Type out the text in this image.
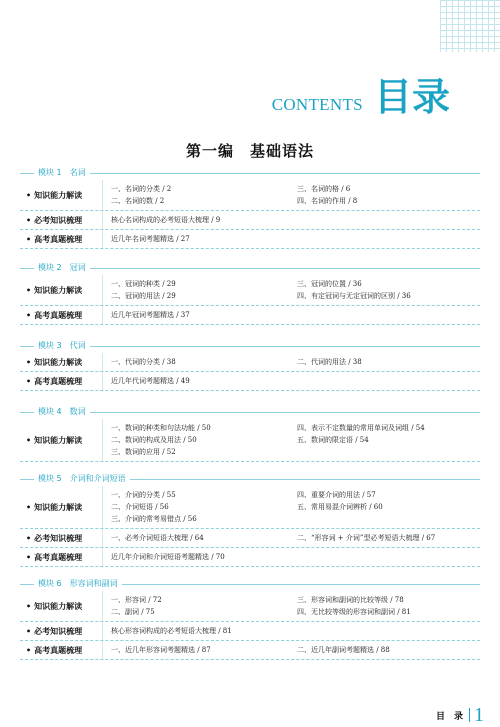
CONTENTS 目录
第一编　基础语法
模块 1　名词
• 知识能力解读
一、名词的分类 / 2	三、名词的格 / 6
二、名词的数 / 2	四、名词的作用 / 8
• 必考知识梳理	核心名词构成的必考短语大梳理 / 9
• 高考真题梳理	近几年名词考题精选 / 27
模块 2　冠词
• 知识能力解读
一、冠词的种类 / 29	三、冠词的位置 / 36
二、冠词的用法 / 29	四、有定冠词与无定冠词的区别 / 36
• 高考真题梳理	近几年冠词考题精选 / 37
模块 3　代词
• 知识能力解读	一、代词的分类 / 38	二、代词的用法 / 38
• 高考真题梳理	近几年代词考题精选 / 49
模块 4　数词
• 知识能力解读
一、数词的种类和句法功能 / 50	四、表示不定数量的常用单词及词组 / 54
二、数词的构成及用法 / 50	五、数词的限定语 / 54
三、数词的应用 / 52
模块 5　介词和介词短语
• 知识能力解读
一、介词的分类 / 55	四、重要介词的用法 / 57
二、介词短语 / 56	五、常用易混介词辨析 / 60
三、介词的常考易错点 / 56
• 必考知识梳理	一、必考介词短语大梳理 / 64	二、“形容词 + 介词”型必考短语大梳理 / 67
• 高考真题梳理	近几年介词和介词短语考题精选 / 70
模块 6　形容词和副词
• 知识能力解读
一、形容词 / 72	三、形容词和副词的比较等级 / 78
二、副词 / 75	四、无比较等级的形容词和副词 / 81
• 必考知识梳理	核心形容词构成的必考短语大梳理 / 81
• 高考真题梳理	一、近几年形容词考题精选 / 87	二、近几年副词考题精选 / 88
目　录 1
